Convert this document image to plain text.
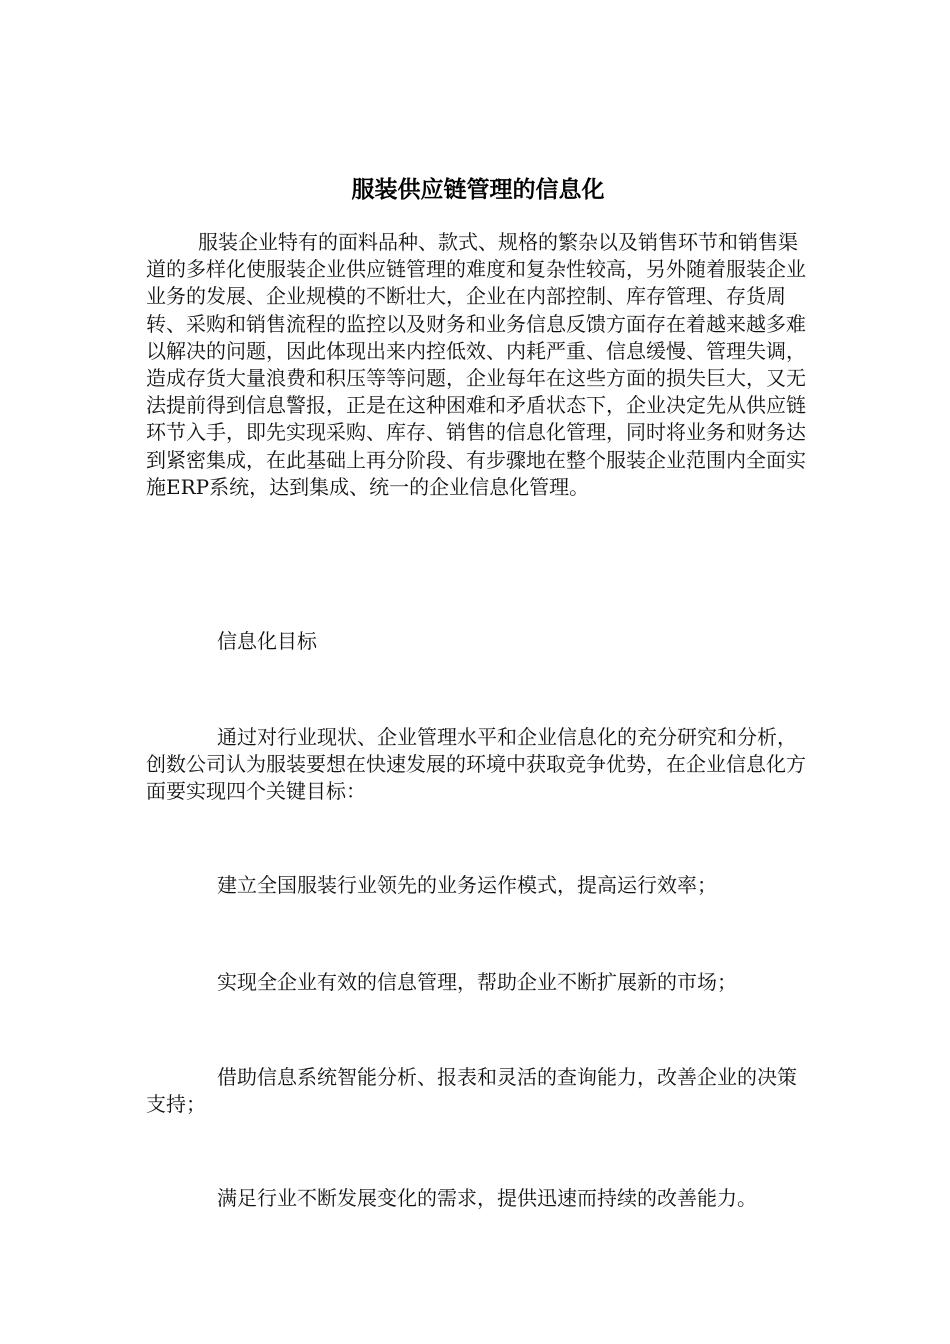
服装供应链管理的信息化

服装企业特有的面料品种、款式、规格的繁杂以及销售环节和销售渠道的多样化使服装企业供应链管理的难度和复杂性较高，另外随着服装企业业务的发展、企业规模的不断壮大，企业在内部控制、库存管理、存货周转、采购和销售流程的监控以及财务和业务信息反馈方面存在着越来越多难以解决的问题，因此体现出来内控低效、内耗严重、信息缓慢、管理失调，造成存货大量浪费和积压等等问题，企业每年在这些方面的损失巨大，又无法提前得到信息警报，正是在这种困难和矛盾状态下，企业决定先从供应链环节入手，即先实现采购、库存、销售的信息化管理，同时将业务和财务达到紧密集成，在此基础上再分阶段、有步骤地在整个服装企业范围内全面实施ERP系统，达到集成、统一的企业信息化管理。

信息化目标

通过对行业现状、企业管理水平和企业信息化的充分研究和分析，创数公司认为服装要想在快速发展的环境中获取竞争优势，在企业信息化方面要实现四个关键目标：

建立全国服装行业领先的业务运作模式，提高运行效率；

实现全企业有效的信息管理，帮助企业不断扩展新的市场；

借助信息系统智能分析、报表和灵活的查询能力，改善企业的决策支持；

满足行业不断发展变化的需求，提供迅速而持续的改善能力。
